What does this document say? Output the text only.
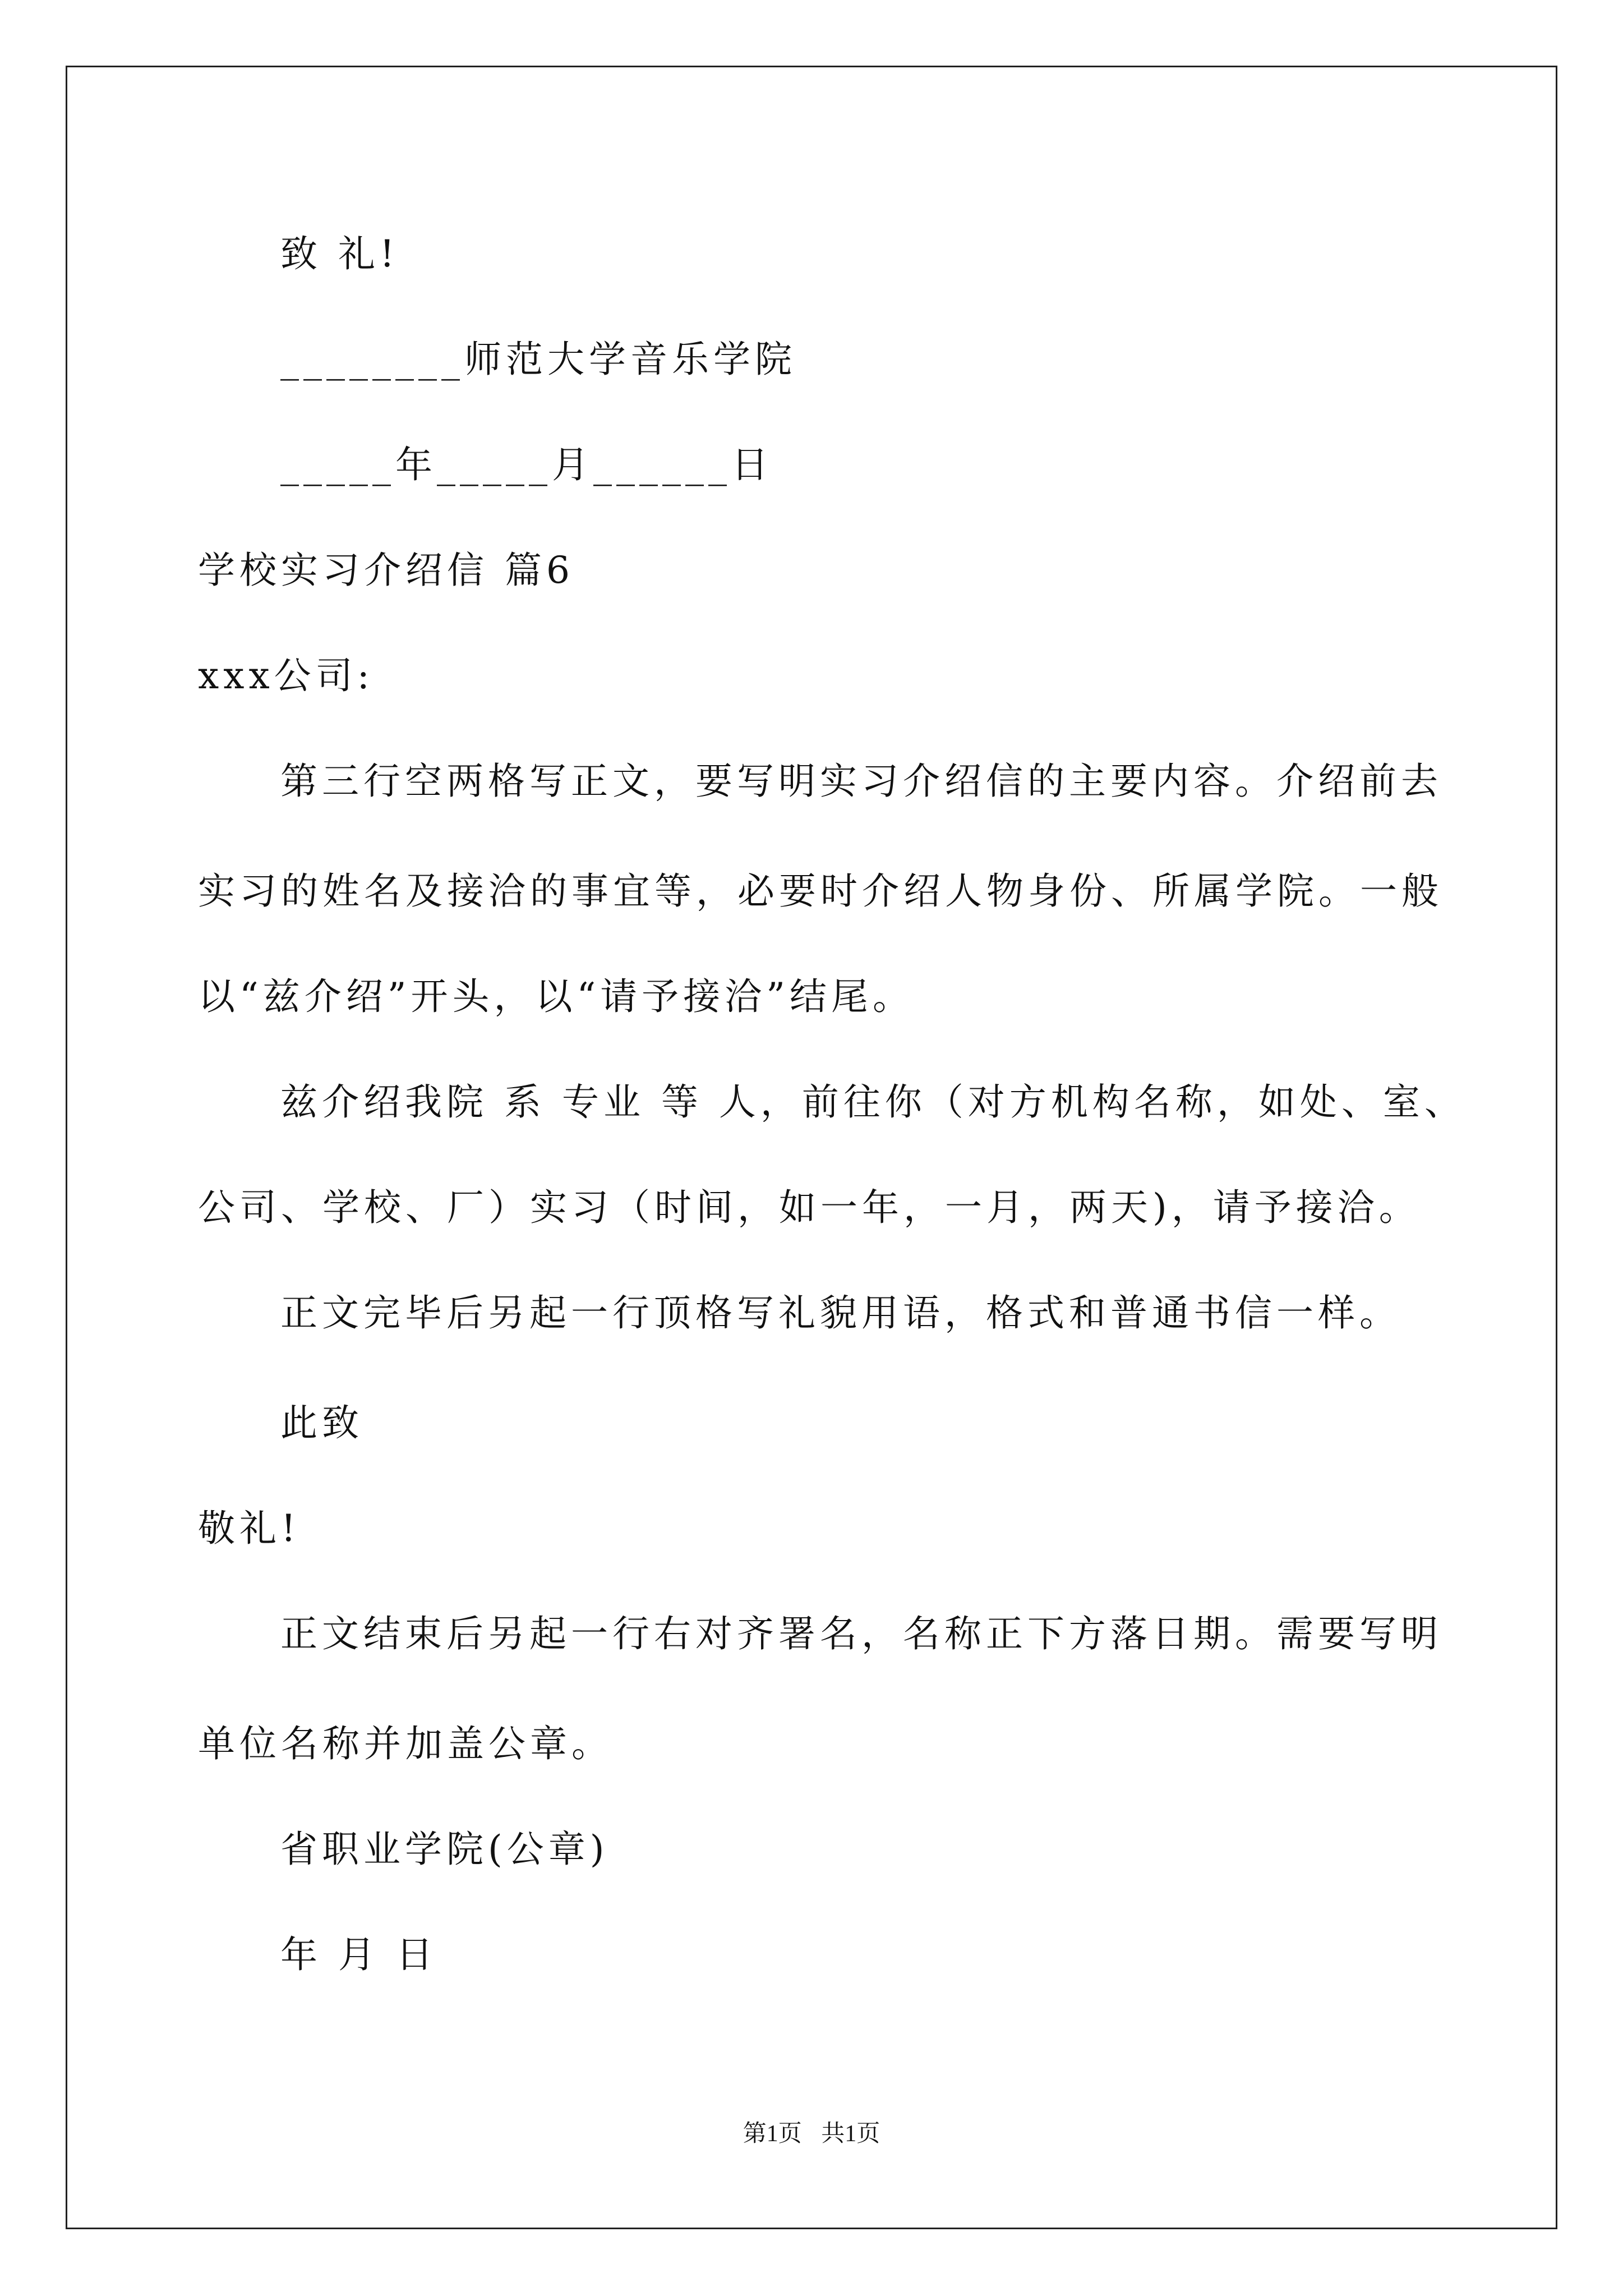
致 礼!
________师范大学音乐学院
_____年_____月______日
学校实习介绍信 篇6
xxx公司:
第三行空两格写正文，要写明实习介绍信的主要内容。介绍前去
实习的姓名及接洽的事宜等，必要时介绍人物身份、所属学院。一般
以“兹介绍”开头，以“请予接洽”结尾。
兹介绍我院 系 专业 等 人，前往你（对方机构名称，如处、室、
公司、学校、厂）实习（时间，如一年，一月，两天)，请予接洽。
正文完毕后另起一行顶格写礼貌用语，格式和普通书信一样。
此致
敬礼!
正文结束后另起一行右对齐署名，名称正下方落日期。需要写明
单位名称并加盖公章。
省职业学院(公章)
年 月 日
第1页 共1页
